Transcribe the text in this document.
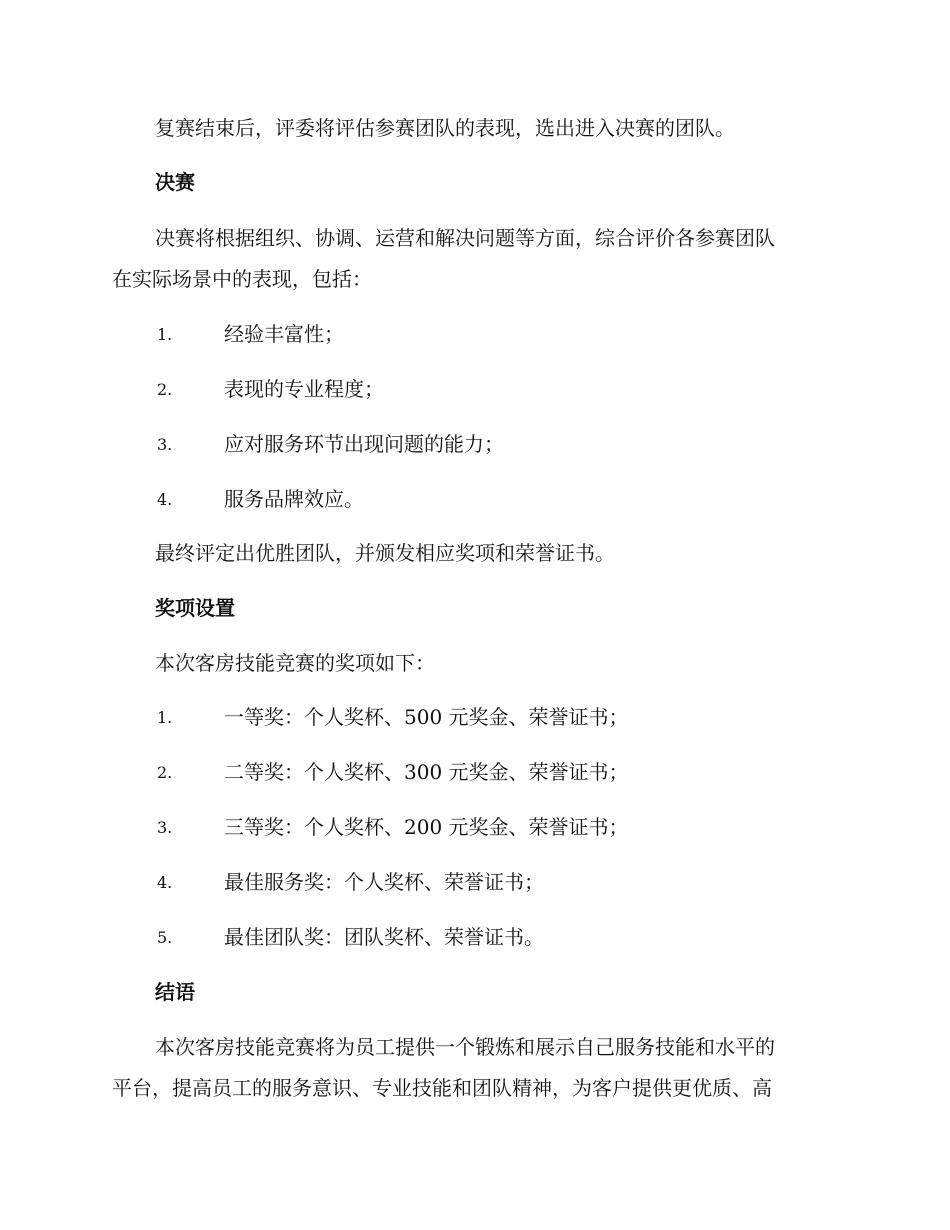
复赛结束后，评委将评估参赛团队的表现，选出进入决赛的团队。
决赛
决赛将根据组织、协调、运营和解决问题等方面，综合评价各参赛团队
在实际场景中的表现，包括：
1.	经验丰富性；
2.	表现的专业程度；
3.	应对服务环节出现问题的能力；
4.	服务品牌效应。
最终评定出优胜团队，并颁发相应奖项和荣誉证书。
奖项设置
本次客房技能竞赛的奖项如下：
1.	一等奖：个人奖杯、500 元奖金、荣誉证书；
2.	二等奖：个人奖杯、300 元奖金、荣誉证书；
3.	三等奖：个人奖杯、200 元奖金、荣誉证书；
4.	最佳服务奖：个人奖杯、荣誉证书；
5.	最佳团队奖：团队奖杯、荣誉证书。
结语
本次客房技能竞赛将为员工提供一个锻炼和展示自己服务技能和水平的
平台，提高员工的服务意识、专业技能和团队精神，为客户提供更优质、高
